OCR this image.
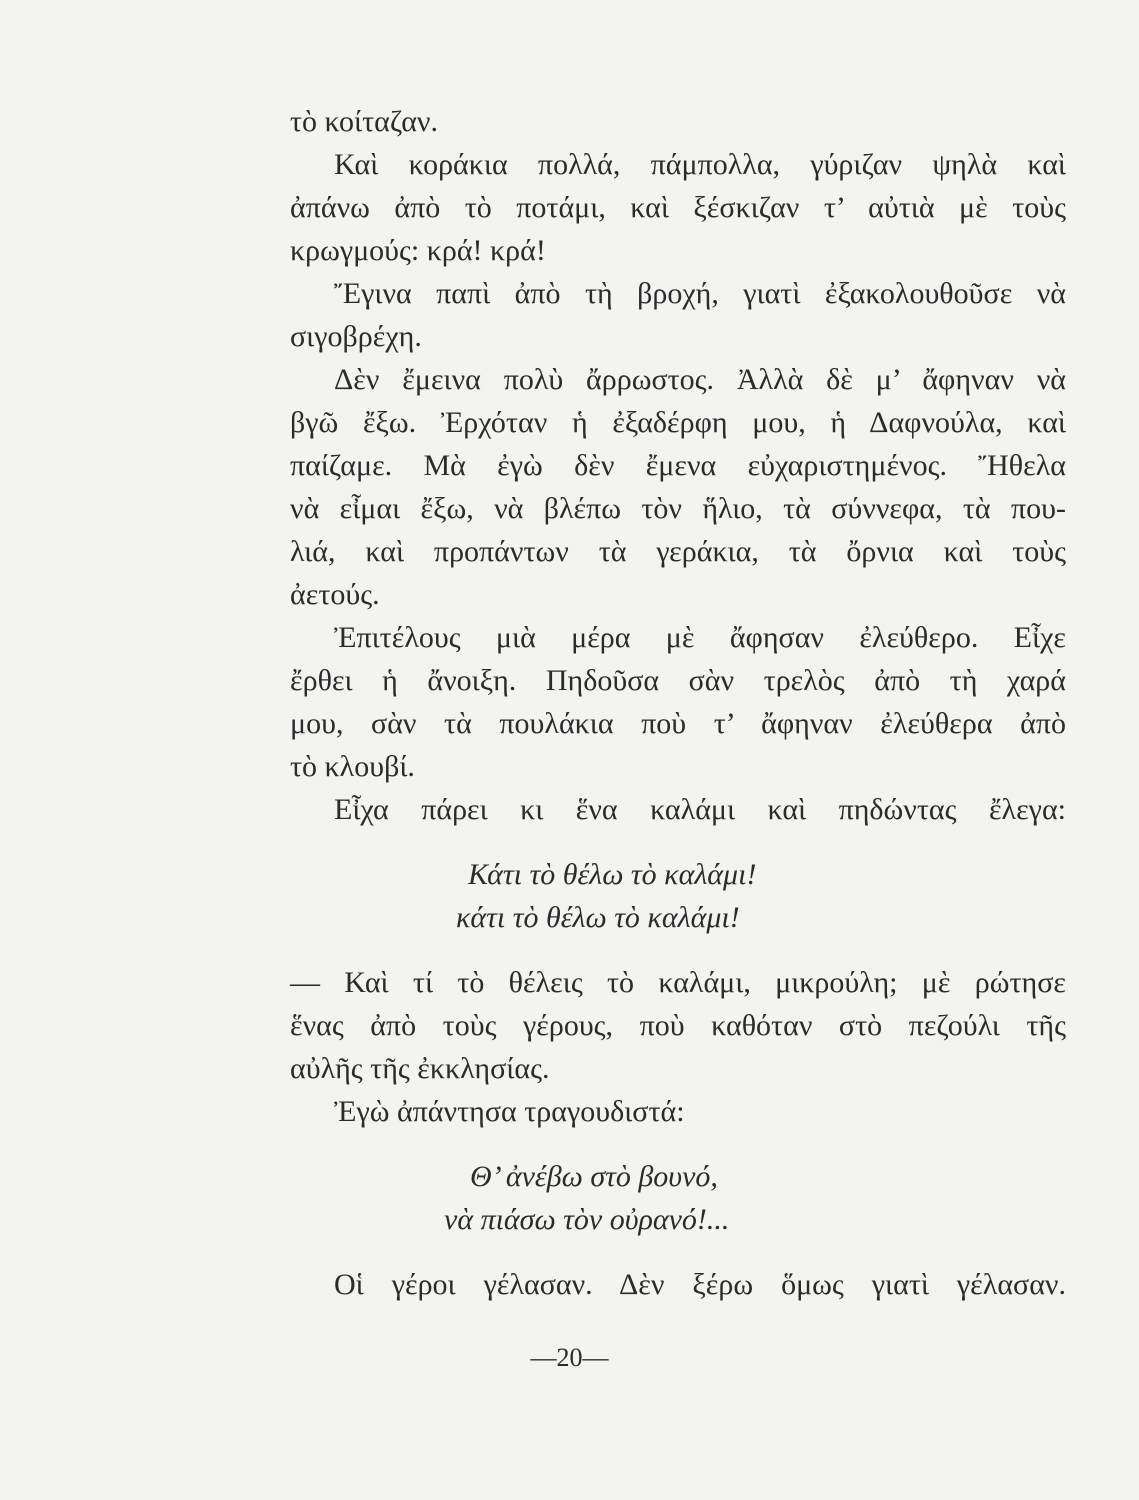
τὸ κοίταζαν.
Καὶ κοράκια πολλά, πάμπολλα, γύριζαν ψηλὰ καὶ
ἀπάνω ἀπὸ τὸ ποτάμι, καὶ ξέσκιζαν τ’ αὐτιὰ μὲ τοὺς
κρωγμούς: κρά! κρά!
Ἔγινα παπὶ ἀπὸ τὴ βροχή, γιατὶ ἐξακολουθοῦσε νὰ
σιγοβρέχη.
Δὲν ἔμεινα πολὺ ἄρρωστος. Ἀλλὰ δὲ μ’ ἄφηναν νὰ
βγῶ ἔξω. Ἐρχόταν ἡ ἐξαδέρφη μου, ἡ Δαφνούλα, καὶ
παίζαμε. Μὰ ἐγὼ δὲν ἔμενα εὐχαριστημένος. Ἤθελα
νὰ εἶμαι ἔξω, νὰ βλέπω τὸν ἥλιο, τὰ σύννεφα, τὰ που-
λιά, καὶ προπάντων τὰ γεράκια, τὰ ὄρνια καὶ τοὺς
ἀετούς.
Ἐπιτέλους μιὰ μέρα μὲ ἄφησαν ἐλεύθερο. Εἶχε
ἔρθει ἡ ἄνοιξη. Πηδοῦσα σὰν τρελὸς ἀπὸ τὴ χαρά
μου, σὰν τὰ πουλάκια ποὺ τ’ ἄφηναν ἐλεύθερα ἀπὸ
τὸ κλουβί.
Εἶχα πάρει κι ἕνα καλάμι καὶ πηδώντας ἔλεγα:
Κάτι τὸ θέλω τὸ καλάμι!
κάτι τὸ θέλω τὸ καλάμι!
— Καὶ τί τὸ θέλεις τὸ καλάμι, μικρούλη; μὲ ρώτησε
ἕνας ἀπὸ τοὺς γέρους, ποὺ καθόταν στὸ πεζούλι τῆς
αὐλῆς τῆς ἐκκλησίας.
Ἐγὼ ἀπάντησα τραγουδιστά:
Θ’ ἀνέβω στὸ βουνό,
νὰ πιάσω τὸν οὐρανό!...
Οἱ γέροι γέλασαν. Δὲν ξέρω ὅμως γιατὶ γέλασαν.
—20—
